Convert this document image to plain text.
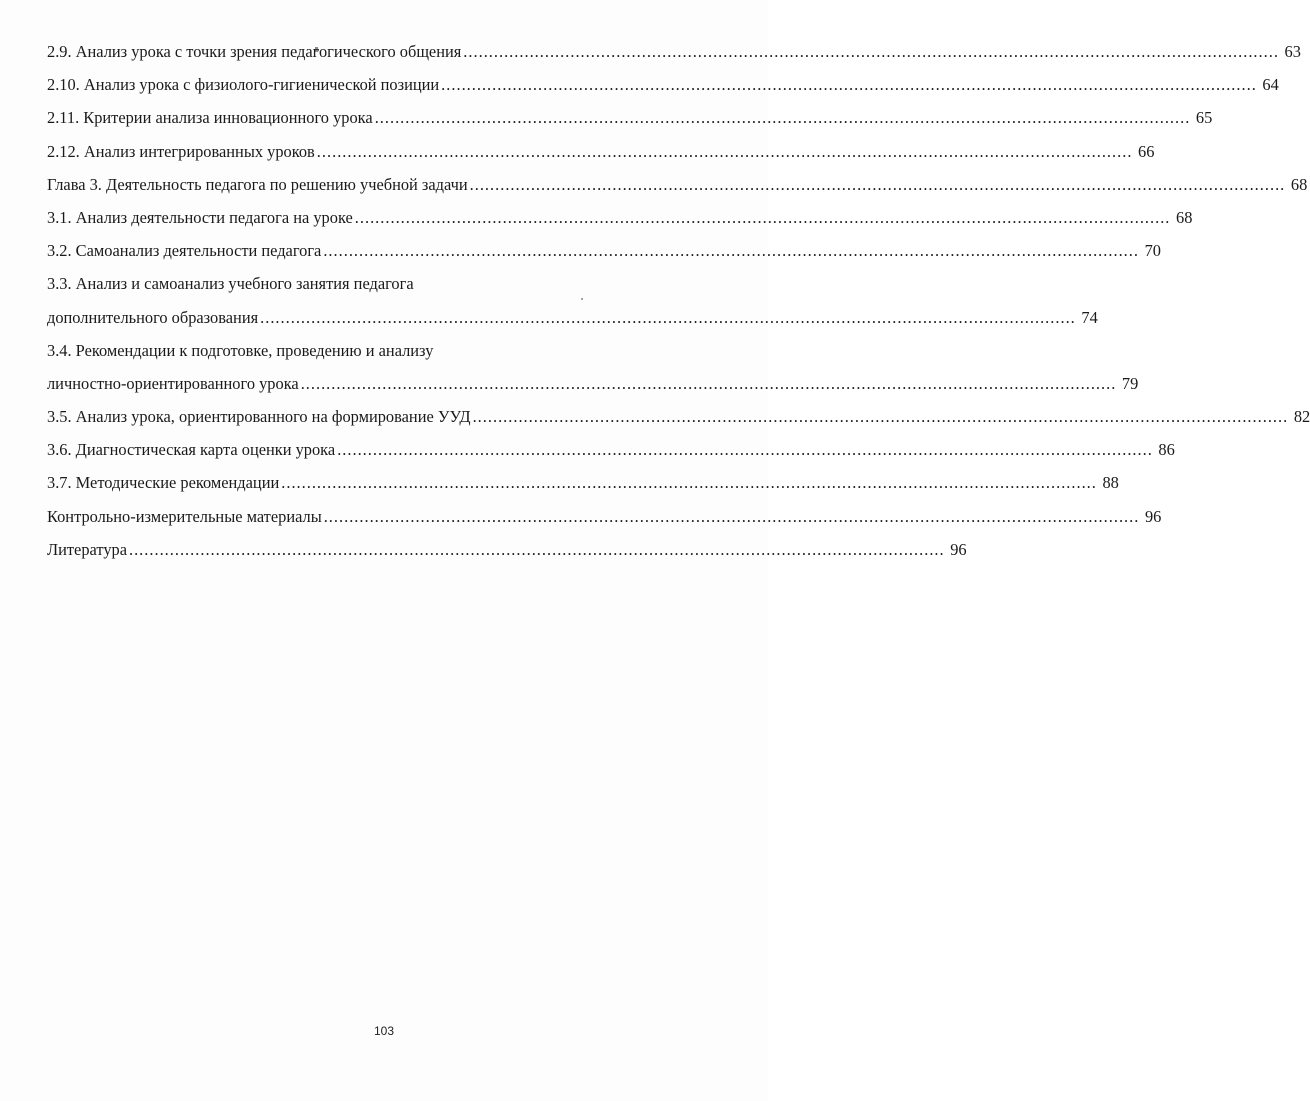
2.9. Анализ урока с точки зрения педагогического общения ................................................................................................................................................................ 63
2.10. Анализ урока с физиолого-гигиенической позиции ................................................................................................................................................................ 64
2.11. Критерии анализа инновационного урока ................................................................................................................................................................ 65
2.12. Анализ интегрированных уроков ................................................................................................................................................................ 66
Глава 3. Деятельность педагога по решению учебной задачи ................................................................................................................................................................ 68
3.1. Анализ деятельности педагога на уроке ................................................................................................................................................................ 68
3.2. Самоанализ деятельности педагога ................................................................................................................................................................ 70
3.3. Анализ и самоанализ учебного занятия педагога
дополнительного образования ................................................................................................................................................................ 74
3.4. Рекомендации к подготовке, проведению и анализу
личностно-ориентированного урока ................................................................................................................................................................ 79
3.5. Анализ урока, ориентированного на формирование УУД ................................................................................................................................................................ 82
3.6. Диагностическая карта оценки урока ................................................................................................................................................................ 86
3.7. Методические рекомендации ................................................................................................................................................................ 88
Контрольно-измерительные материалы ................................................................................................................................................................ 96
Литература ................................................................................................................................................................ 96
103
